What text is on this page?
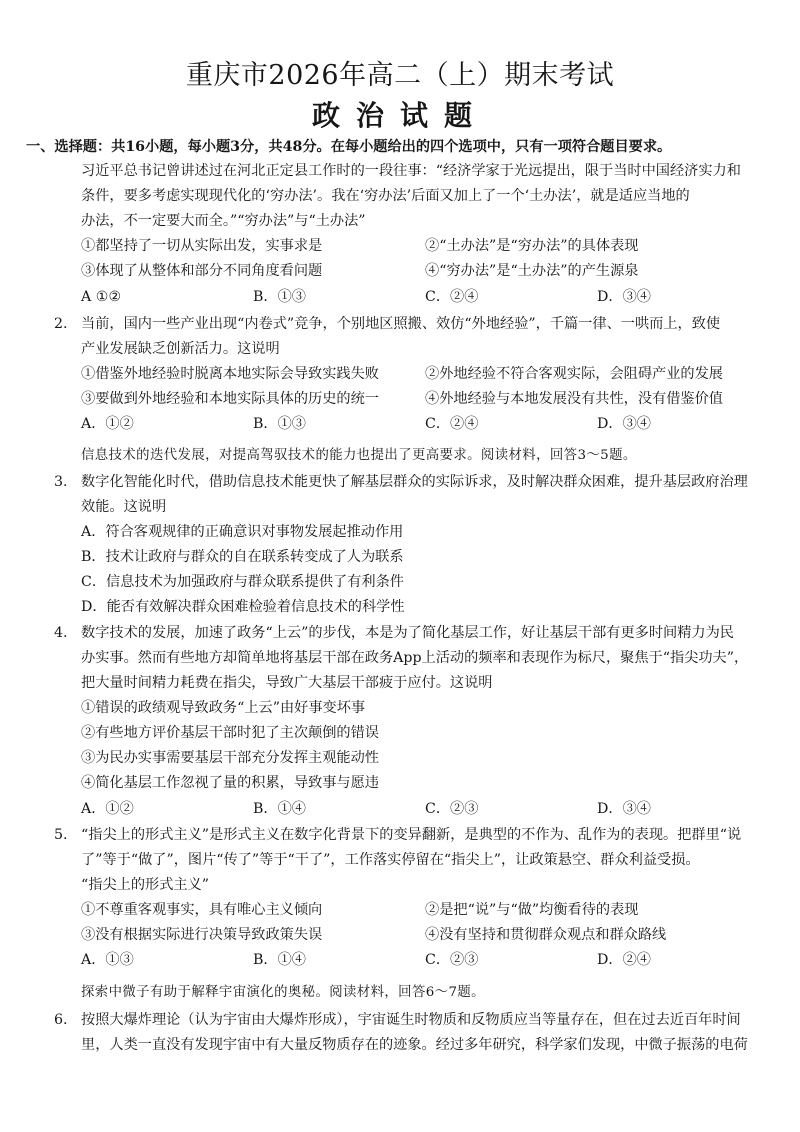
重庆市2026年高二（上）期末考试
政治试题
一、选择题：共16小题，每小题3分，共48分。在每小题给出的四个选项中，只有一项符合题目要求。
习近平总书记曾讲述过在河北正定县工作时的一段往事：“经济学家于光远提出，限于当时中国经济实力和
条件，要多考虑实现现代化的‘穷办法’。我在‘穷办法’后面又加上了一个‘土办法’，就是适应当地的
办法，不一定要大而全。”“穷办法”与“土办法”
①都坚持了一切从实际出发，实事求是	②“土办法”是“穷办法”的具体表现
③体现了从整体和部分不同角度看问题	④“穷办法”是“土办法”的产生源泉
A ①②	B．①③	C．②④	D．③④
2. 当前，国内一些产业出现“内卷式”竞争，个别地区照搬、效仿“外地经验”，千篇一律、一哄而上，致使
产业发展缺乏创新活力。这说明
①借鉴外地经验时脱离本地实际会导致实践失败	②外地经验不符合客观实际，会阻碍产业的发展
③要做到外地经验和本地实际具体的历史的统一	④外地经验与本地发展没有共性，没有借鉴价值
A．①②	B．①③	C．②④	D．③④
信息技术的迭代发展，对提高驾驭技术的能力也提出了更高要求。阅读材料，回答3～5题。
3. 数字化智能化时代，借助信息技术能更快了解基层群众的实际诉求，及时解决群众困难，提升基层政府治理
效能。这说明
A．符合客观规律的正确意识对事物发展起推动作用
B．技术让政府与群众的自在联系转变成了人为联系
C．信息技术为加强政府与群众联系提供了有利条件
D．能否有效解决群众困难检验着信息技术的科学性
4. 数字技术的发展，加速了政务“上云”的步伐，本是为了简化基层工作，好让基层干部有更多时间精力为民
办实事。然而有些地方却简单地将基层干部在政务App上活动的频率和表现作为标尺，聚焦于“指尖功夫”，
把大量时间精力耗费在指尖，导致广大基层干部疲于应付。这说明
①错误的政绩观导致政务“上云”由好事变坏事
②有些地方评价基层干部时犯了主次颠倒的错误
③为民办实事需要基层干部充分发挥主观能动性
④简化基层工作忽视了量的积累，导致事与愿违
A．①②	B．①④	C．②③	D．③④
5. “指尖上的形式主义”是形式主义在数字化背景下的变异翻新，是典型的不作为、乱作为的表现。把群里“说
了”等于“做了”，图片“传了”等于“干了”，工作落实停留在“指尖上”，让政策悬空、群众利益受损。
“指尖上的形式主义”
①不尊重客观事实，具有唯心主义倾向	②是把“说”与“做”均衡看待的表现
③没有根据实际进行决策导致政策失误	④没有坚持和贯彻群众观点和群众路线
A．①③	B．①④	C．②③	D．②④
探索中微子有助于解释宇宙演化的奥秘。阅读材料，回答6～7题。
6. 按照大爆炸理论（认为宇宙由大爆炸形成），宇宙诞生时物质和反物质应当等量存在，但在过去近百年时间
里，人类一直没有发现宇宙中有大量反物质存在的迹象。经过多年研究，科学家们发现，中微子振荡的电荷
